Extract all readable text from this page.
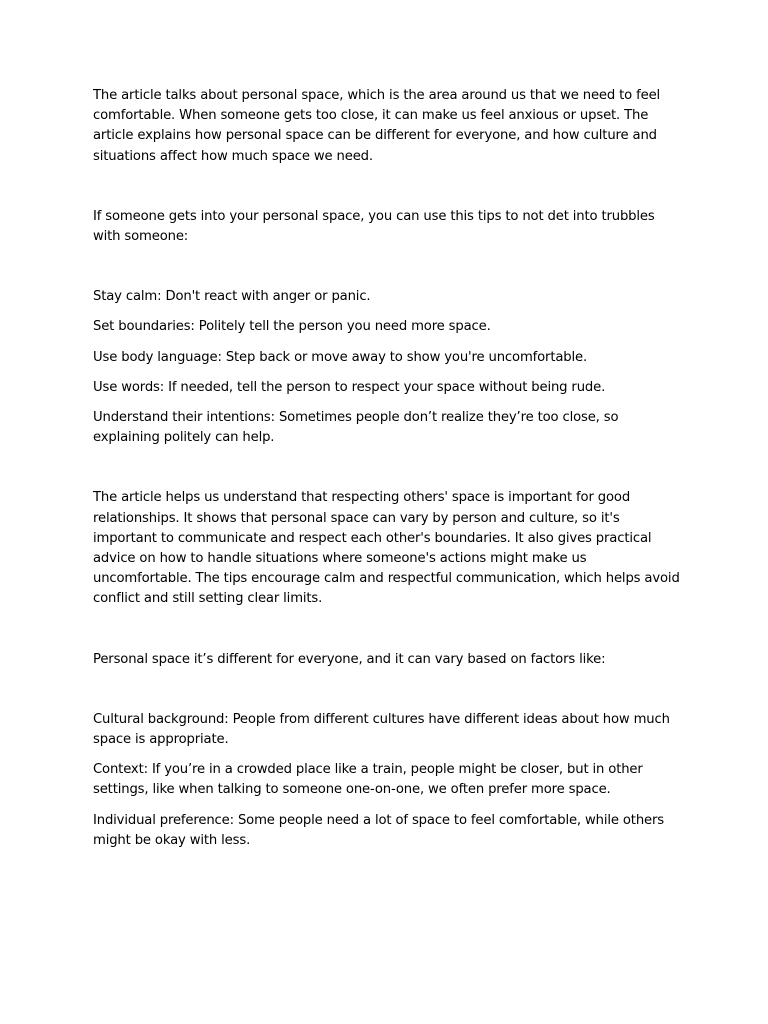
The article talks about personal space, which is the area around us that we need to feel comfortable. When someone gets too close, it can make us feel anxious or upset. The article explains how personal space can be different for everyone, and how culture and situations affect how much space we need.

If someone gets into your personal space, you can use this tips to not det into trubbles with someone:

Stay calm: Don't react with anger or panic.

Set boundaries: Politely tell the person you need more space.

Use body language: Step back or move away to show you're uncomfortable.

Use words: If needed, tell the person to respect your space without being rude.

Understand their intentions: Sometimes people don’t realize they’re too close, so explaining politely can help.

The article helps us understand that respecting others' space is important for good relationships. It shows that personal space can vary by person and culture, so it's important to communicate and respect each other's boundaries. It also gives practical advice on how to handle situations where someone's actions might make us uncomfortable. The tips encourage calm and respectful communication, which helps avoid conflict and still setting clear limits.

Personal space it’s different for everyone, and it can vary based on factors like:

Cultural background: People from different cultures have different ideas about how much space is appropriate.

Context: If you’re in a crowded place like a train, people might be closer, but in other settings, like when talking to someone one-on-one, we often prefer more space.

Individual preference: Some people need a lot of space to feel comfortable, while others might be okay with less.
